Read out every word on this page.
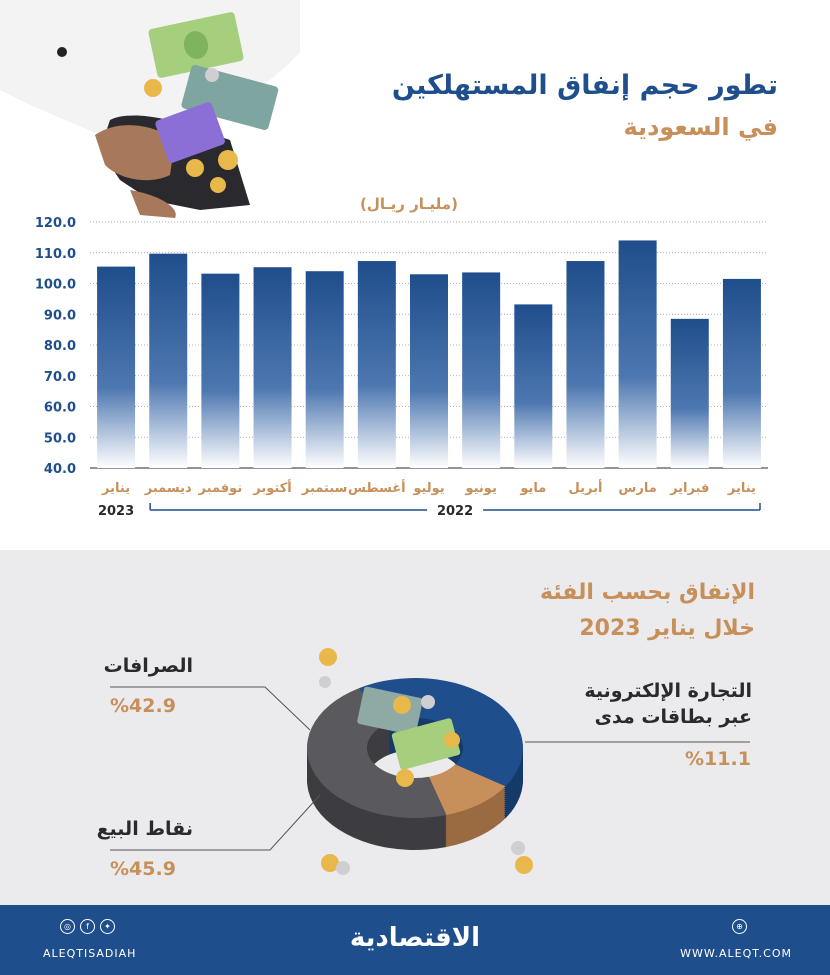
تطور حجم إنفاق المستهلكين
في السعودية
(مليـار ريـال)
40.0
50.0
60.0
70.0
80.0
90.0
100.0
110.0
120.0
يناير
فبراير
مارس
أبريل
مايو
يونيو
يوليو
أغسطس
سبتمبر
أكتوبر
نوفمبر
ديسمبر
يناير
2022
2023
الإنفاق بحسب الفئة
خلال يناير 2023
الصرافات
%42.9
نقاط البيع
%45.9
التجارة الإلكترونية
عبر بطاقات مدى
%11.1
◎	f	✦
ALEQTISADIAH
الاقتصادية	⊕
WWW.ALEQT.COM
